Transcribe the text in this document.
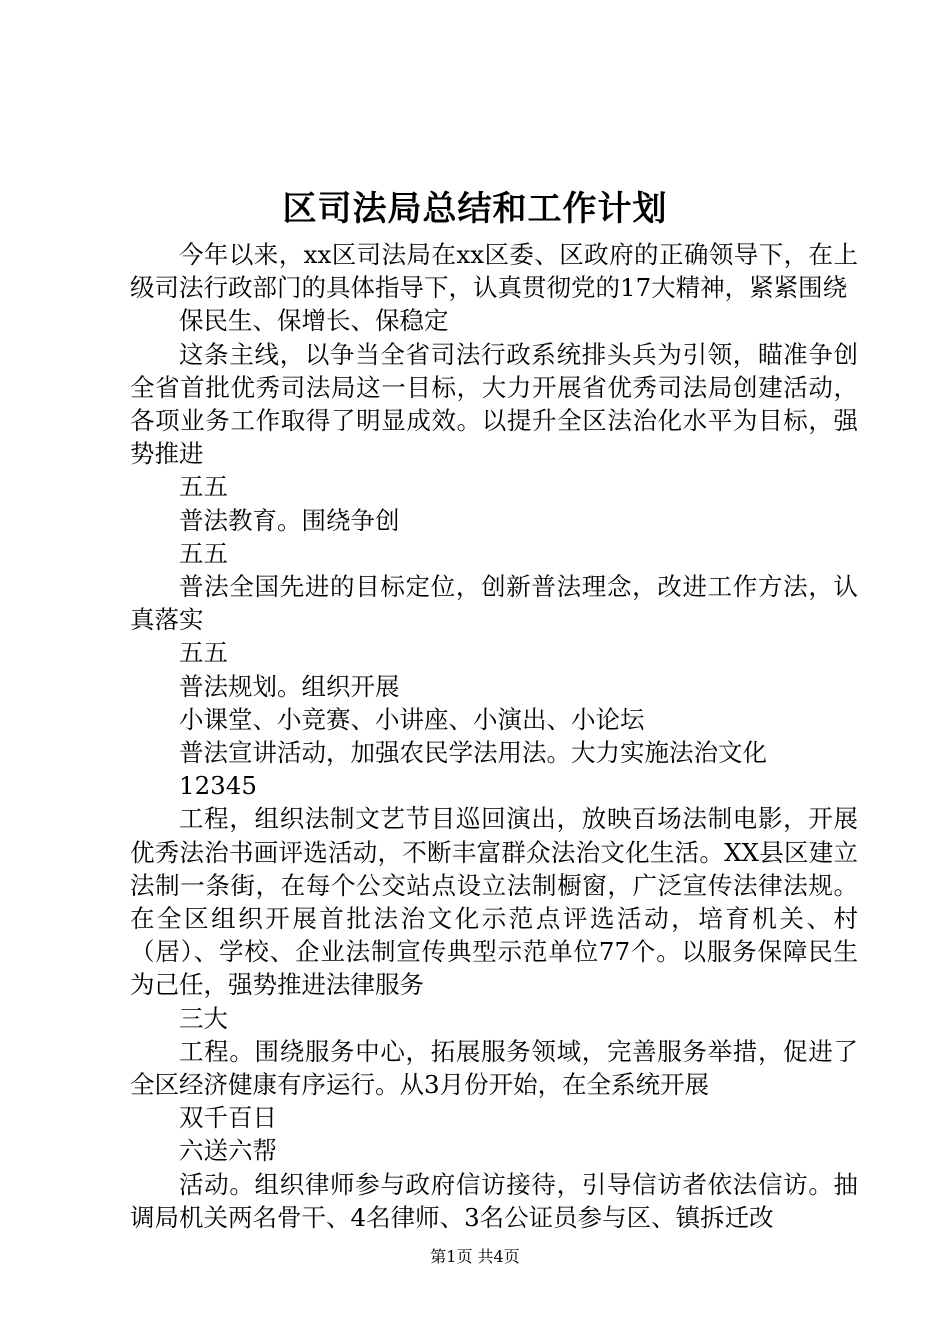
区司法局总结和工作计划

今年以来，xx区司法局在xx区委、区政府的正确领导下，在上级司法行政部门的具体指导下，认真贯彻党的17大精神，紧紧围绕

保民生、保增长、保稳定

这条主线，以争当全省司法行政系统排头兵为引领，瞄准争创全省首批优秀司法局这一目标，大力开展省优秀司法局创建活动，各项业务工作取得了明显成效。以提升全区法治化水平为目标，强势推进

五五

普法教育。围绕争创

五五

普法全国先进的目标定位，创新普法理念，改进工作方法，认真落实

五五

普法规划。组织开展

小课堂、小竞赛、小讲座、小演出、小论坛

普法宣讲活动，加强农民学法用法。大力实施法治文化

12345

工程，组织法制文艺节目巡回演出，放映百场法制电影，开展优秀法治书画评选活动，不断丰富群众法治文化生活。XX县区建立法制一条街，在每个公交站点设立法制橱窗，广泛宣传法律法规。在全区组织开展首批法治文化示范点评选活动，培育机关、村（居）、学校、企业法制宣传典型示范单位77个。以服务保障民生为己任，强势推进法律服务

三大

工程。围绕服务中心，拓展服务领域，完善服务举措，促进了全区经济健康有序运行。从3月份开始，在全系统开展

双千百日

六送六帮

活动。组织律师参与政府信访接待，引导信访者依法信访。抽调局机关两名骨干、4名律师、3名公证员参与区、镇拆迁改

第1页 共4页
